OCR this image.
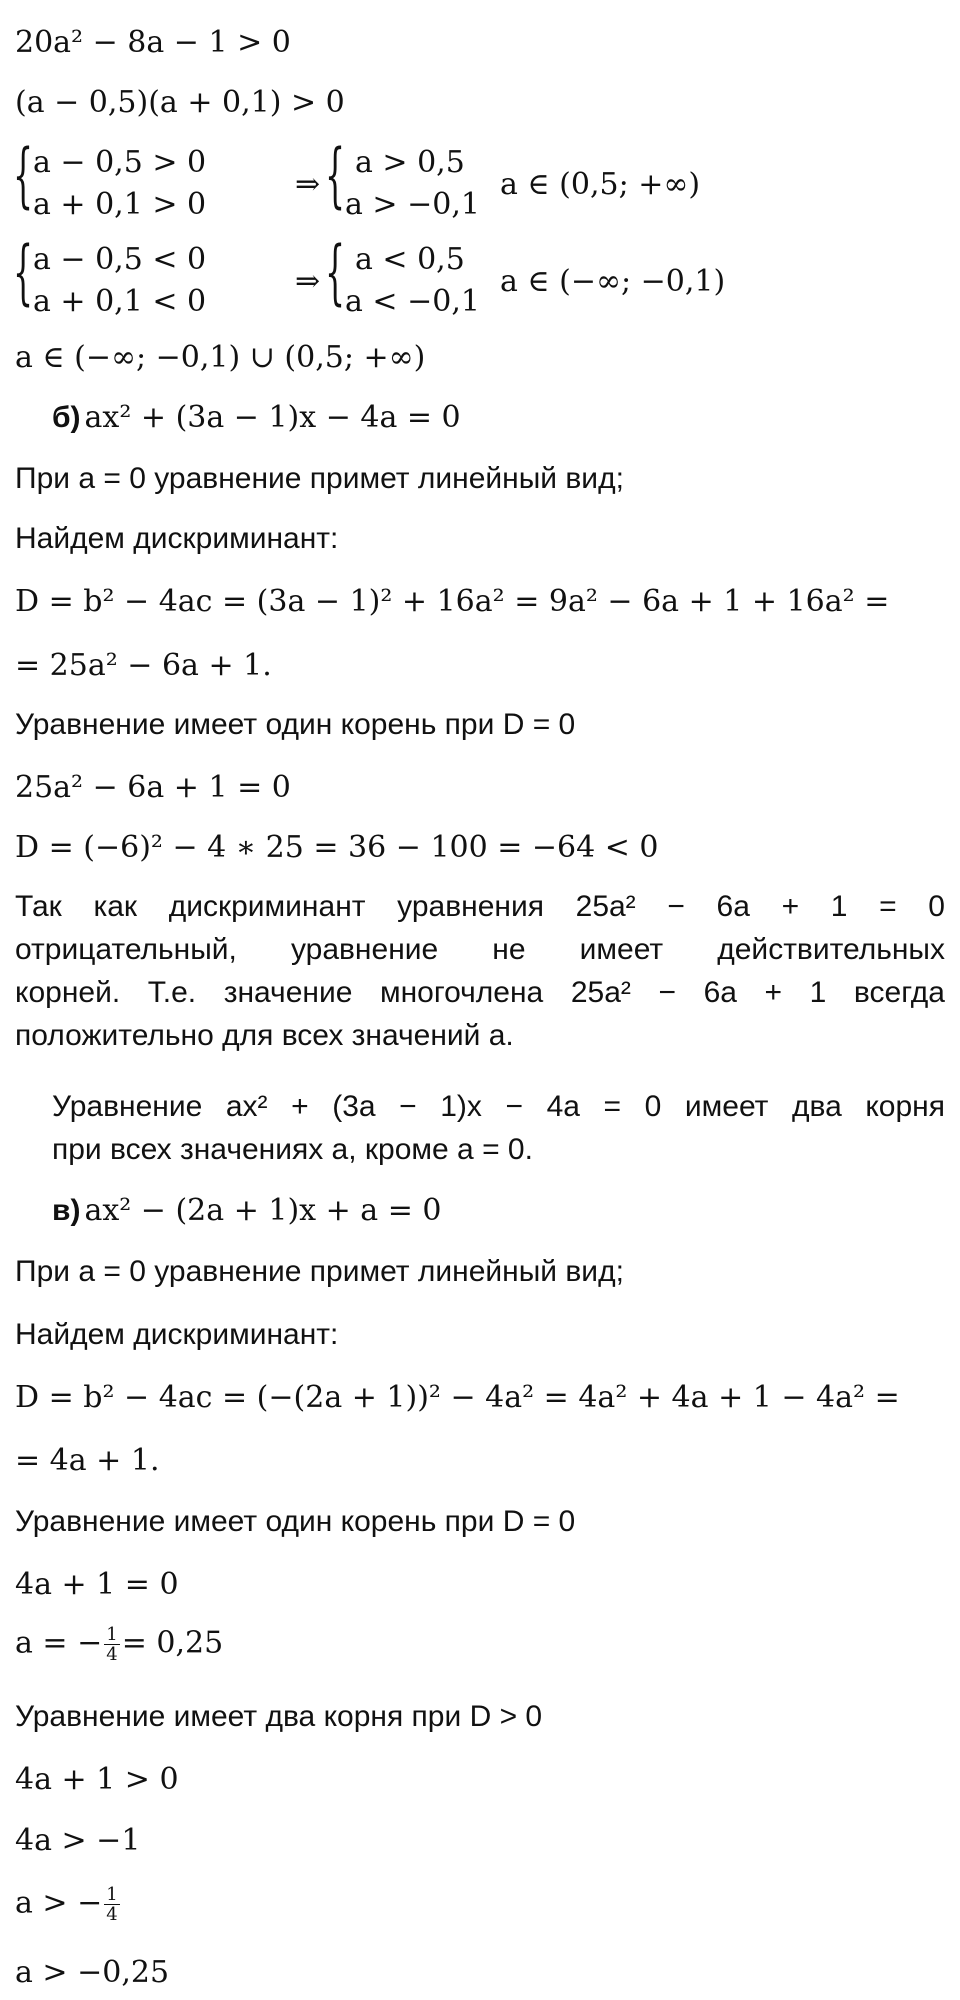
20a² − 8a − 1 > 0
(a − 0,5)(a + 0,1) > 0
{ a − 0,5 > 0
a + 0,1 > 0
⇒ { a > 0,5
a > −0,1
a ∈ (0,5; +∞)
{ a − 0,5 < 0
a + 0,1 < 0
⇒ { a < 0,5
a < −0,1
a ∈ (−∞; −0,1)
a ∈ (−∞; −0,1) ∪ (0,5; +∞)
б) ax² + (3a − 1)x − 4a = 0
При a = 0 уравнение примет линейный вид;
Найдем дискриминант:
D = b² − 4ac = (3a − 1)² + 16a² = 9a² − 6a + 1 + 16a² =
= 25a² − 6a + 1.
Уравнение имеет один корень при D = 0
25a² − 6a + 1 = 0
D = (−6)² − 4 ∗ 25 = 36 − 100 = −64 < 0
Так как дискриминант уравнения 25a² − 6a + 1 = 0
отрицательный, уравнение не имеет действительных
корней. Т.е. значение многочлена 25a² − 6a + 1 всегда
положительно для всех значений a.
Уравнение ax² + (3a − 1)x − 4a = 0 имеет два корня
при всех значениях a, кроме a = 0.
в) ax² − (2a + 1)x + a = 0
При a = 0 уравнение примет линейный вид;
Найдем дискриминант:
D = b² − 4ac = (−(2a + 1))² − 4a² = 4a² + 4a + 1 − 4a² =
= 4a + 1.
Уравнение имеет один корень при D = 0
4a + 1 = 0
a = − $\frac{1}{4} = 0,25$
Уравнение имеет два корня при D > 0
4a + 1 > 0
4a > −1
a > − $\frac{1}{4}$
a > −0,25
